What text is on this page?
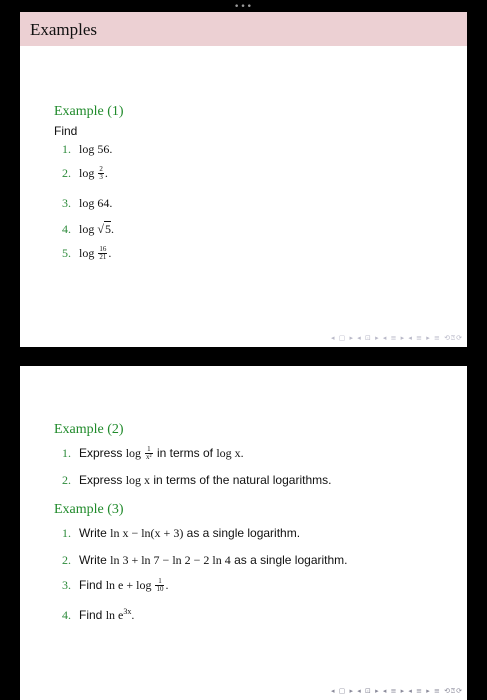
•••
Examples
Example (1)
Find
1. log 56.
2. $\log \frac{2}{3}$ .
3. log 64.
4. log √5.
5. $\log \frac{16}{21}$ .
◂ ▢ ▸ ◂ ⊡ ▸ ◂ ≡ ▸ ◂ ≡ ▸ ≡ ⟲⍰⟳
Example (2)
1. Express $\log \frac{1}{\text{x²}}$ in terms of log x.
2. Express log x in terms of the natural logarithms.
Example (3)
1. Write ln x − ln(x + 3) as a single logarithm.
2. Write ln 3 + ln 7 − ln 2 − 2 ln 4 as a single logarithm.
3. Find $\ln e + \log \frac{1}{10}$ .
4. Find $\ln e^{3x}$.
◂ ▢ ▸ ◂ ⊡ ▸ ◂ ≡ ▸ ◂ ≡ ▸ ≡ ⟲⍰⟳
